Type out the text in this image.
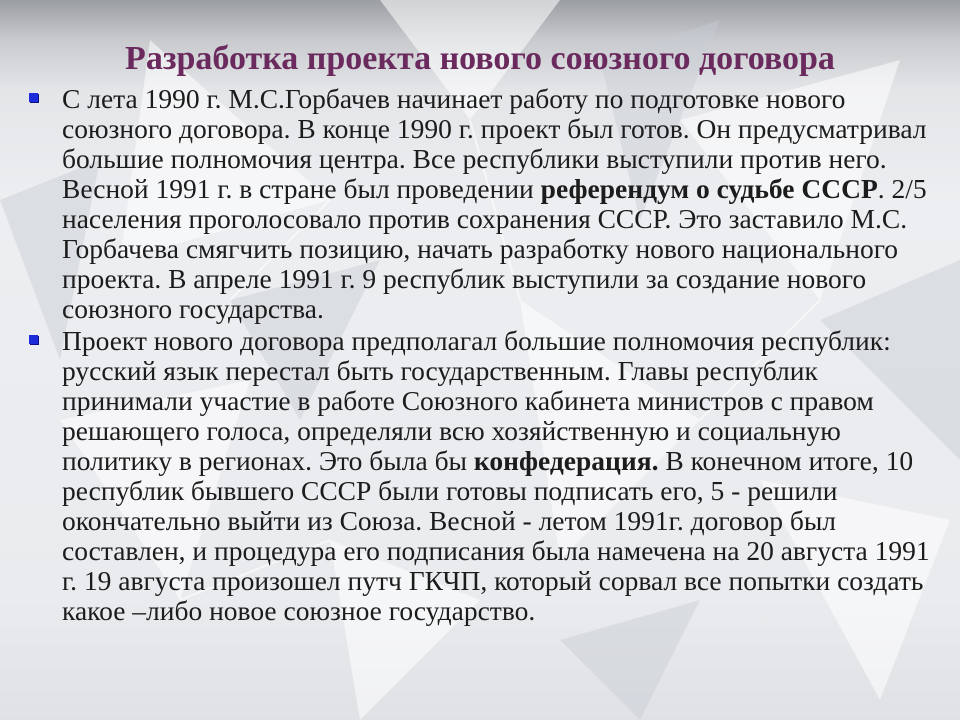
Разработка проекта нового союзного договора
С лета 1990 г. М.С.Горбачев начинает работу по подготовке нового союзного договора. В конце 1990 г. проект был готов. Он предусматривал большие полномочия центра. Все республики выступили против него. Весной 1991 г. в стране был проведении референдум о судьбе СССР. 2/5 населения проголосовало против сохранения СССР. Это заставило М.С. Горбачева смягчить позицию, начать разработку нового национального проекта. В апреле 1991 г. 9 республик выступили за создание нового союзного государства.
Проект нового договора предполагал большие полномочия республик: русский язык перестал быть государственным. Главы республик принимали участие в работе Союзного кабинета министров с правом решающего голоса, определяли всю хозяйственную и социальную политику в регионах. Это была бы конфедерация. В конечном итоге, 10 республик бывшего СССР были готовы подписать его, 5 - решили окончательно выйти из Союза. Весной - летом 1991г. договор был составлен, и процедура его подписания была намечена на 20 августа 1991 г. 19 августа произошел путч ГКЧП, который сорвал все попытки создать какое –либо новое союзное государство.
